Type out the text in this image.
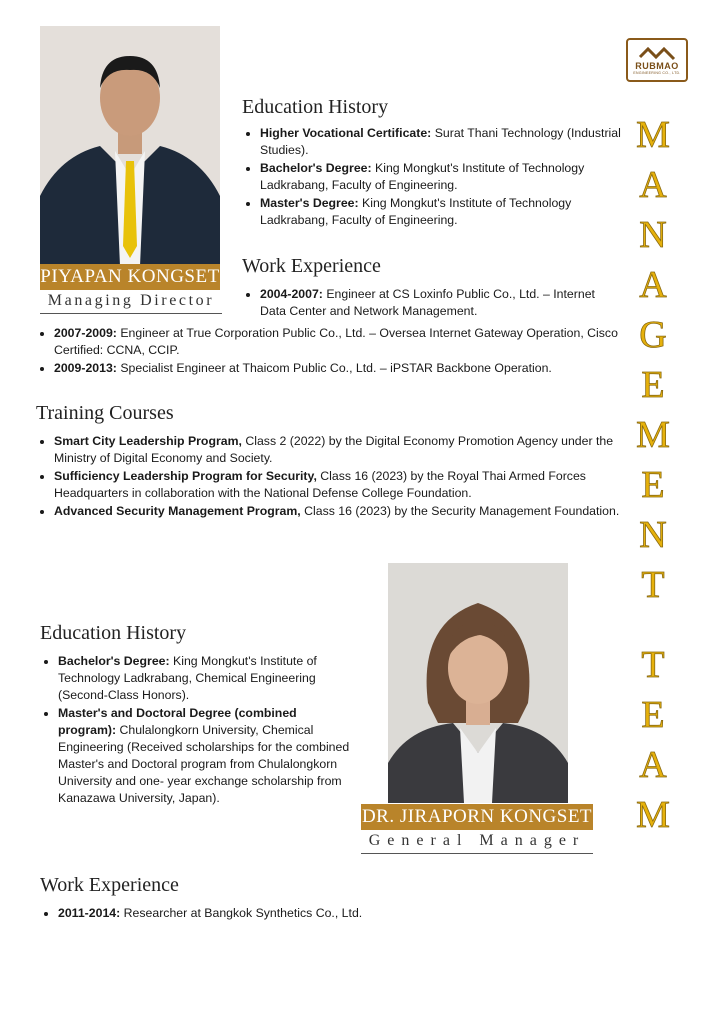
RUBMAO
ENGINEERING CO., LTD.
M
A
N
A
G
E
M
E
N
T
T
E
A
M
PIYAPAN KONGSET
Managing Director
Education History
• Higher Vocational Certificate: Surat Thani Technology (Industrial Studies).
• Bachelor's Degree: King Mongkut's Institute of Technology Ladkrabang, Faculty of Engineering.
• Master's Degree: King Mongkut's Institute of Technology Ladkrabang, Faculty of Engineering.
Work Experience
• 2004-2007: Engineer at CS Loxinfo Public Co., Ltd. – Internet Data Center and Network Management.
• 2007-2009: Engineer at True Corporation Public Co., Ltd. – Oversea Internet Gateway Operation, Cisco Certified: CCNA, CCIP.
• 2009-2013: Specialist Engineer at Thaicom Public Co., Ltd. – iPSTAR Backbone Operation.
Training Courses
• Smart City Leadership Program, Class 2 (2022) by the Digital Economy Promotion Agency under the Ministry of Digital Economy and Society.
• Sufficiency Leadership Program for Security, Class 16 (2023) by the Royal Thai Armed Forces Headquarters in collaboration with the National Defense College Foundation.
• Advanced Security Management Program, Class 16 (2023) by the Security Management Foundation.
DR. JIRAPORN KONGSET
General Manager
Education History
• Bachelor's Degree: King Mongkut's Institute of Technology Ladkrabang, Chemical Engineering (Second-Class Honors).
• Master's and Doctoral Degree (combined program): Chulalongkorn University, Chemical Engineering (Received scholarships for the combined Master's and Doctoral program from Chulalongkorn University and one- year exchange scholarship from Kanazawa University, Japan).
Work Experience
• 2011-2014: Researcher at Bangkok Synthetics Co., Ltd.
